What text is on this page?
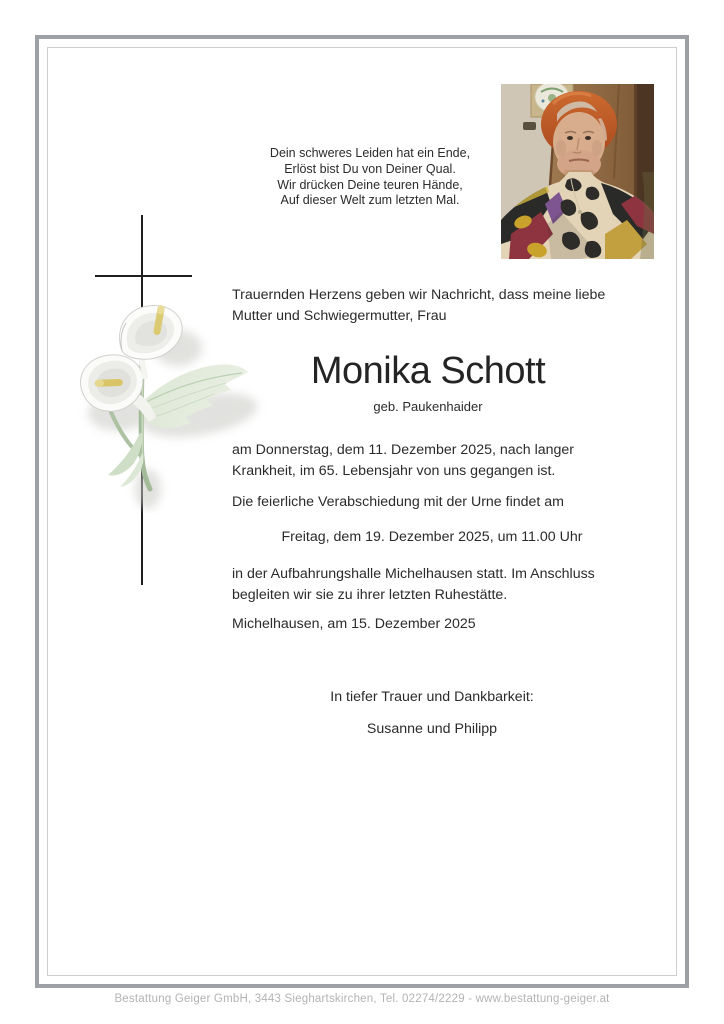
Dein schweres Leiden hat ein Ende,
Erlöst bist Du von Deiner Qual.
Wir drücken Deine teuren Hände,
Auf dieser Welt zum letzten Mal.
Trauernden Herzens geben wir Nachricht, dass meine liebe Mutter und Schwiegermutter, Frau
Monika Schott
geb. Paukenhaider
am Donnerstag, dem 11. Dezember 2025, nach langer Krankheit, im 65. Lebensjahr von uns gegangen ist.
Die feierliche Verabschiedung mit der Urne findet am
Freitag, dem 19. Dezember 2025, um 11.00 Uhr
in der Aufbahrungshalle Michelhausen statt. Im Anschluss begleiten wir sie zu ihrer letzten Ruhestätte.
Michelhausen, am 15. Dezember 2025
In tiefer Trauer und Dankbarkeit:
Susanne und Philipp
Bestattung Geiger GmbH, 3443 Sieghartskirchen, Tel. 02274/2229 - www.bestattung-geiger.at
